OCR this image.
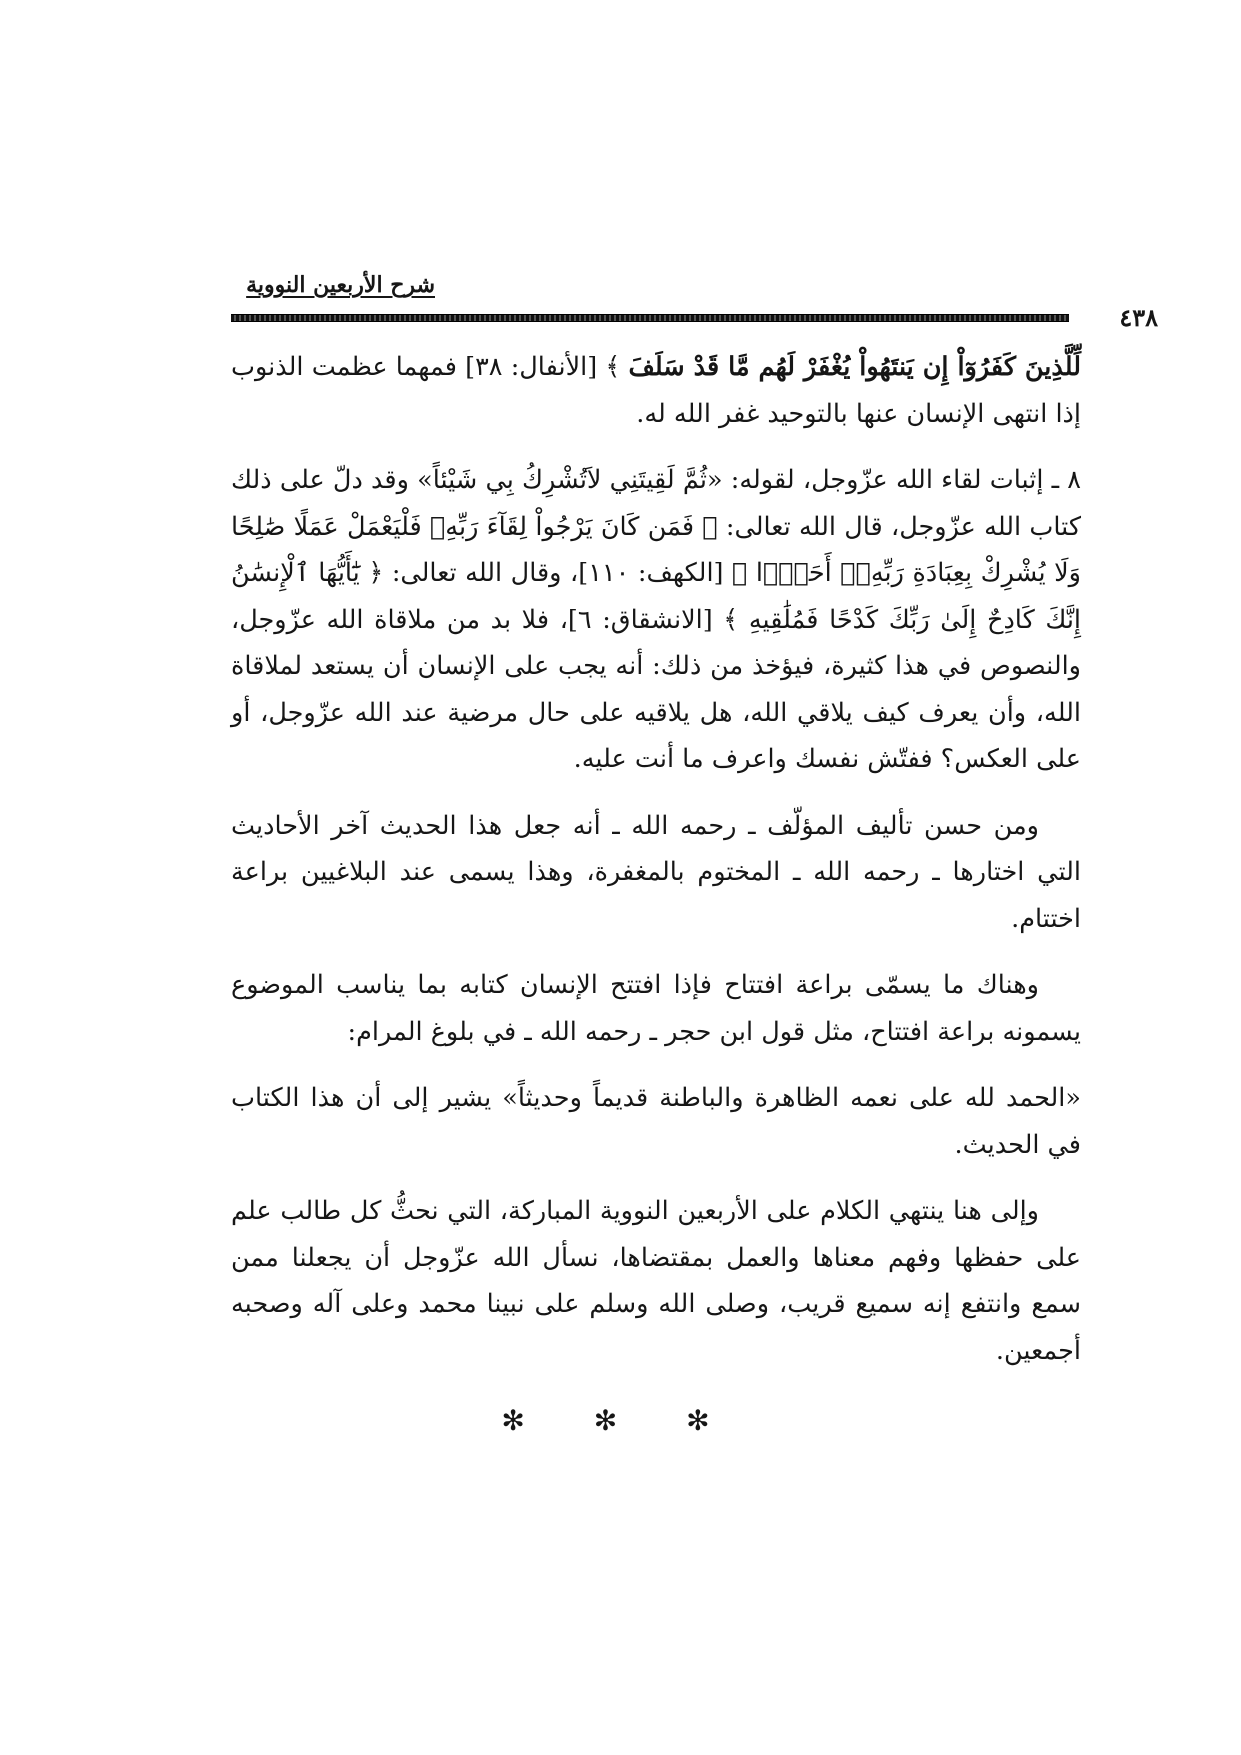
شرح الأربعين النووية
٤٣٨

لِّلَّذِينَ كَفَرُوٓاْ إِن يَنتَهُواْ يُغْفَرْ لَهُم مَّا قَدْ سَلَفَ ﴾ [الأنفال: ٣٨] فمهما عظمت الذنوب إذا انتهى الإنسان عنها بالتوحيد غفر الله له.

٨ ـ إثبات لقاء الله عزّوجل، لقوله: «ثُمَّ لَقِيتَنِي لاَتُشْرِكُ بِي شَيْئاً» وقد دلّ على ذلك كتاب الله عزّوجل، قال الله تعالى: ﴿ فَمَن كَانَ يَرْجُواْ لِقَآءَ رَبِّهِۦ فَلْيَعْمَلْ عَمَلًا صَٰلِحًا وَلَا يُشْرِكْ بِعِبَادَةِ رَبِّهِۦٓ أَحَدًۢا ﴾ [الكهف: ١١٠]، وقال الله تعالى: ﴿ يَٰٓأَيُّهَا ٱلْإِنسَٰنُ إِنَّكَ كَادِحٌ إِلَىٰ رَبِّكَ كَدْحًا فَمُلَٰقِيهِ ﴾ [الانشقاق: ٦]، فلا بد من ملاقاة الله عزّوجل، والنصوص في هذا كثيرة، فيؤخذ من ذلك: أنه يجب على الإنسان أن يستعد لملاقاة الله، وأن يعرف كيف يلاقي الله، هل يلاقيه على حال مرضية عند الله عزّوجل، أو على العكس؟ ففتّش نفسك واعرف ما أنت عليه.

ومن حسن تأليف المؤلّف ـ رحمه الله ـ أنه جعل هذا الحديث آخر الأحاديث التي اختارها ـ رحمه الله ـ المختوم بالمغفرة، وهذا يسمى عند البلاغيين براعة اختتام.

وهناك ما يسمّى براعة افتتاح فإذا افتتح الإنسان كتابه بما يناسب الموضوع يسمونه براعة افتتاح، مثل قول ابن حجر ـ رحمه الله ـ في بلوغ المرام:

«الحمد لله على نعمه الظاهرة والباطنة قديماً وحديثاً» يشير إلى أن هذا الكتاب في الحديث.

وإلى هنا ينتهي الكلام على الأربعين النووية المباركة، التي نحثُّ كل طالب علم على حفظها وفهم معناها والعمل بمقتضاها، نسأل الله عزّوجل أن يجعلنا ممن سمع وانتفع إنه سميع قريب، وصلى الله وسلم على نبينا محمد وعلى آله وصحبه أجمعين.

✻ ✻ ✻
